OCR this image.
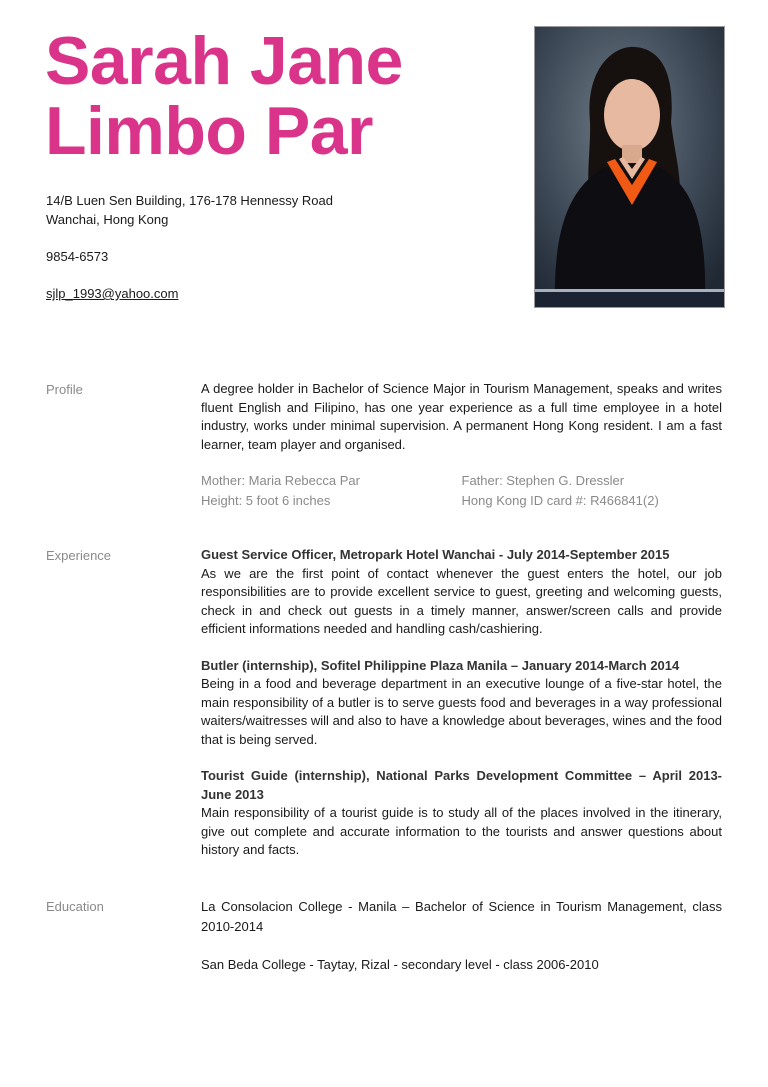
Sarah Jane
Limbo Par
14/B Luen Sen Building, 176-178 Hennessy Road
Wanchai, Hong Kong
9854-6573
sjlp_1993@yahoo.com
Profile	A degree holder in Bachelor of Science Major in Tourism Management, speaks and writes fluent English and Filipino, has one year experience as a full time employee in a hotel industry, works under minimal supervision. A permanent Hong Kong resident. I am a fast learner, team player and organised.

Mother: Maria Rebecca Par	Father: Stephen G. Dressler
Height: 5 foot 6 inches	Hong Kong ID card #: R466841(2)
Experience	Guest Service Officer, Metropark Hotel Wanchai - July 2014-September 2015

As we are the first point of contact whenever the guest enters the hotel, our job responsibilities are to provide excellent service to guest, greeting and welcoming guests, check in and check out guests in a timely manner, answer/screen calls and provide efficient informations needed and handling cash/cashiering.

Butler (internship), Sofitel Philippine Plaza Manila – January 2014-March 2014

Being in a food and beverage department in an executive lounge of a five-star hotel, the main responsibility of a butler is to serve guests food and beverages in a way professional waiters/waitresses will and also to have a knowledge about beverages, wines and the food that is being served.

Tourist Guide (internship), National Parks Development Committee – April 2013-June 2013

Main responsibility of a tourist guide is to study all of the places involved in the itinerary, give out complete and accurate information to the tourists and answer questions about history and facts.

Education	La Consolacion College - Manila – Bachelor of Science in Tourism Management, class 2010-2014

San Beda College - Taytay, Rizal - secondary level - class 2006-2010
